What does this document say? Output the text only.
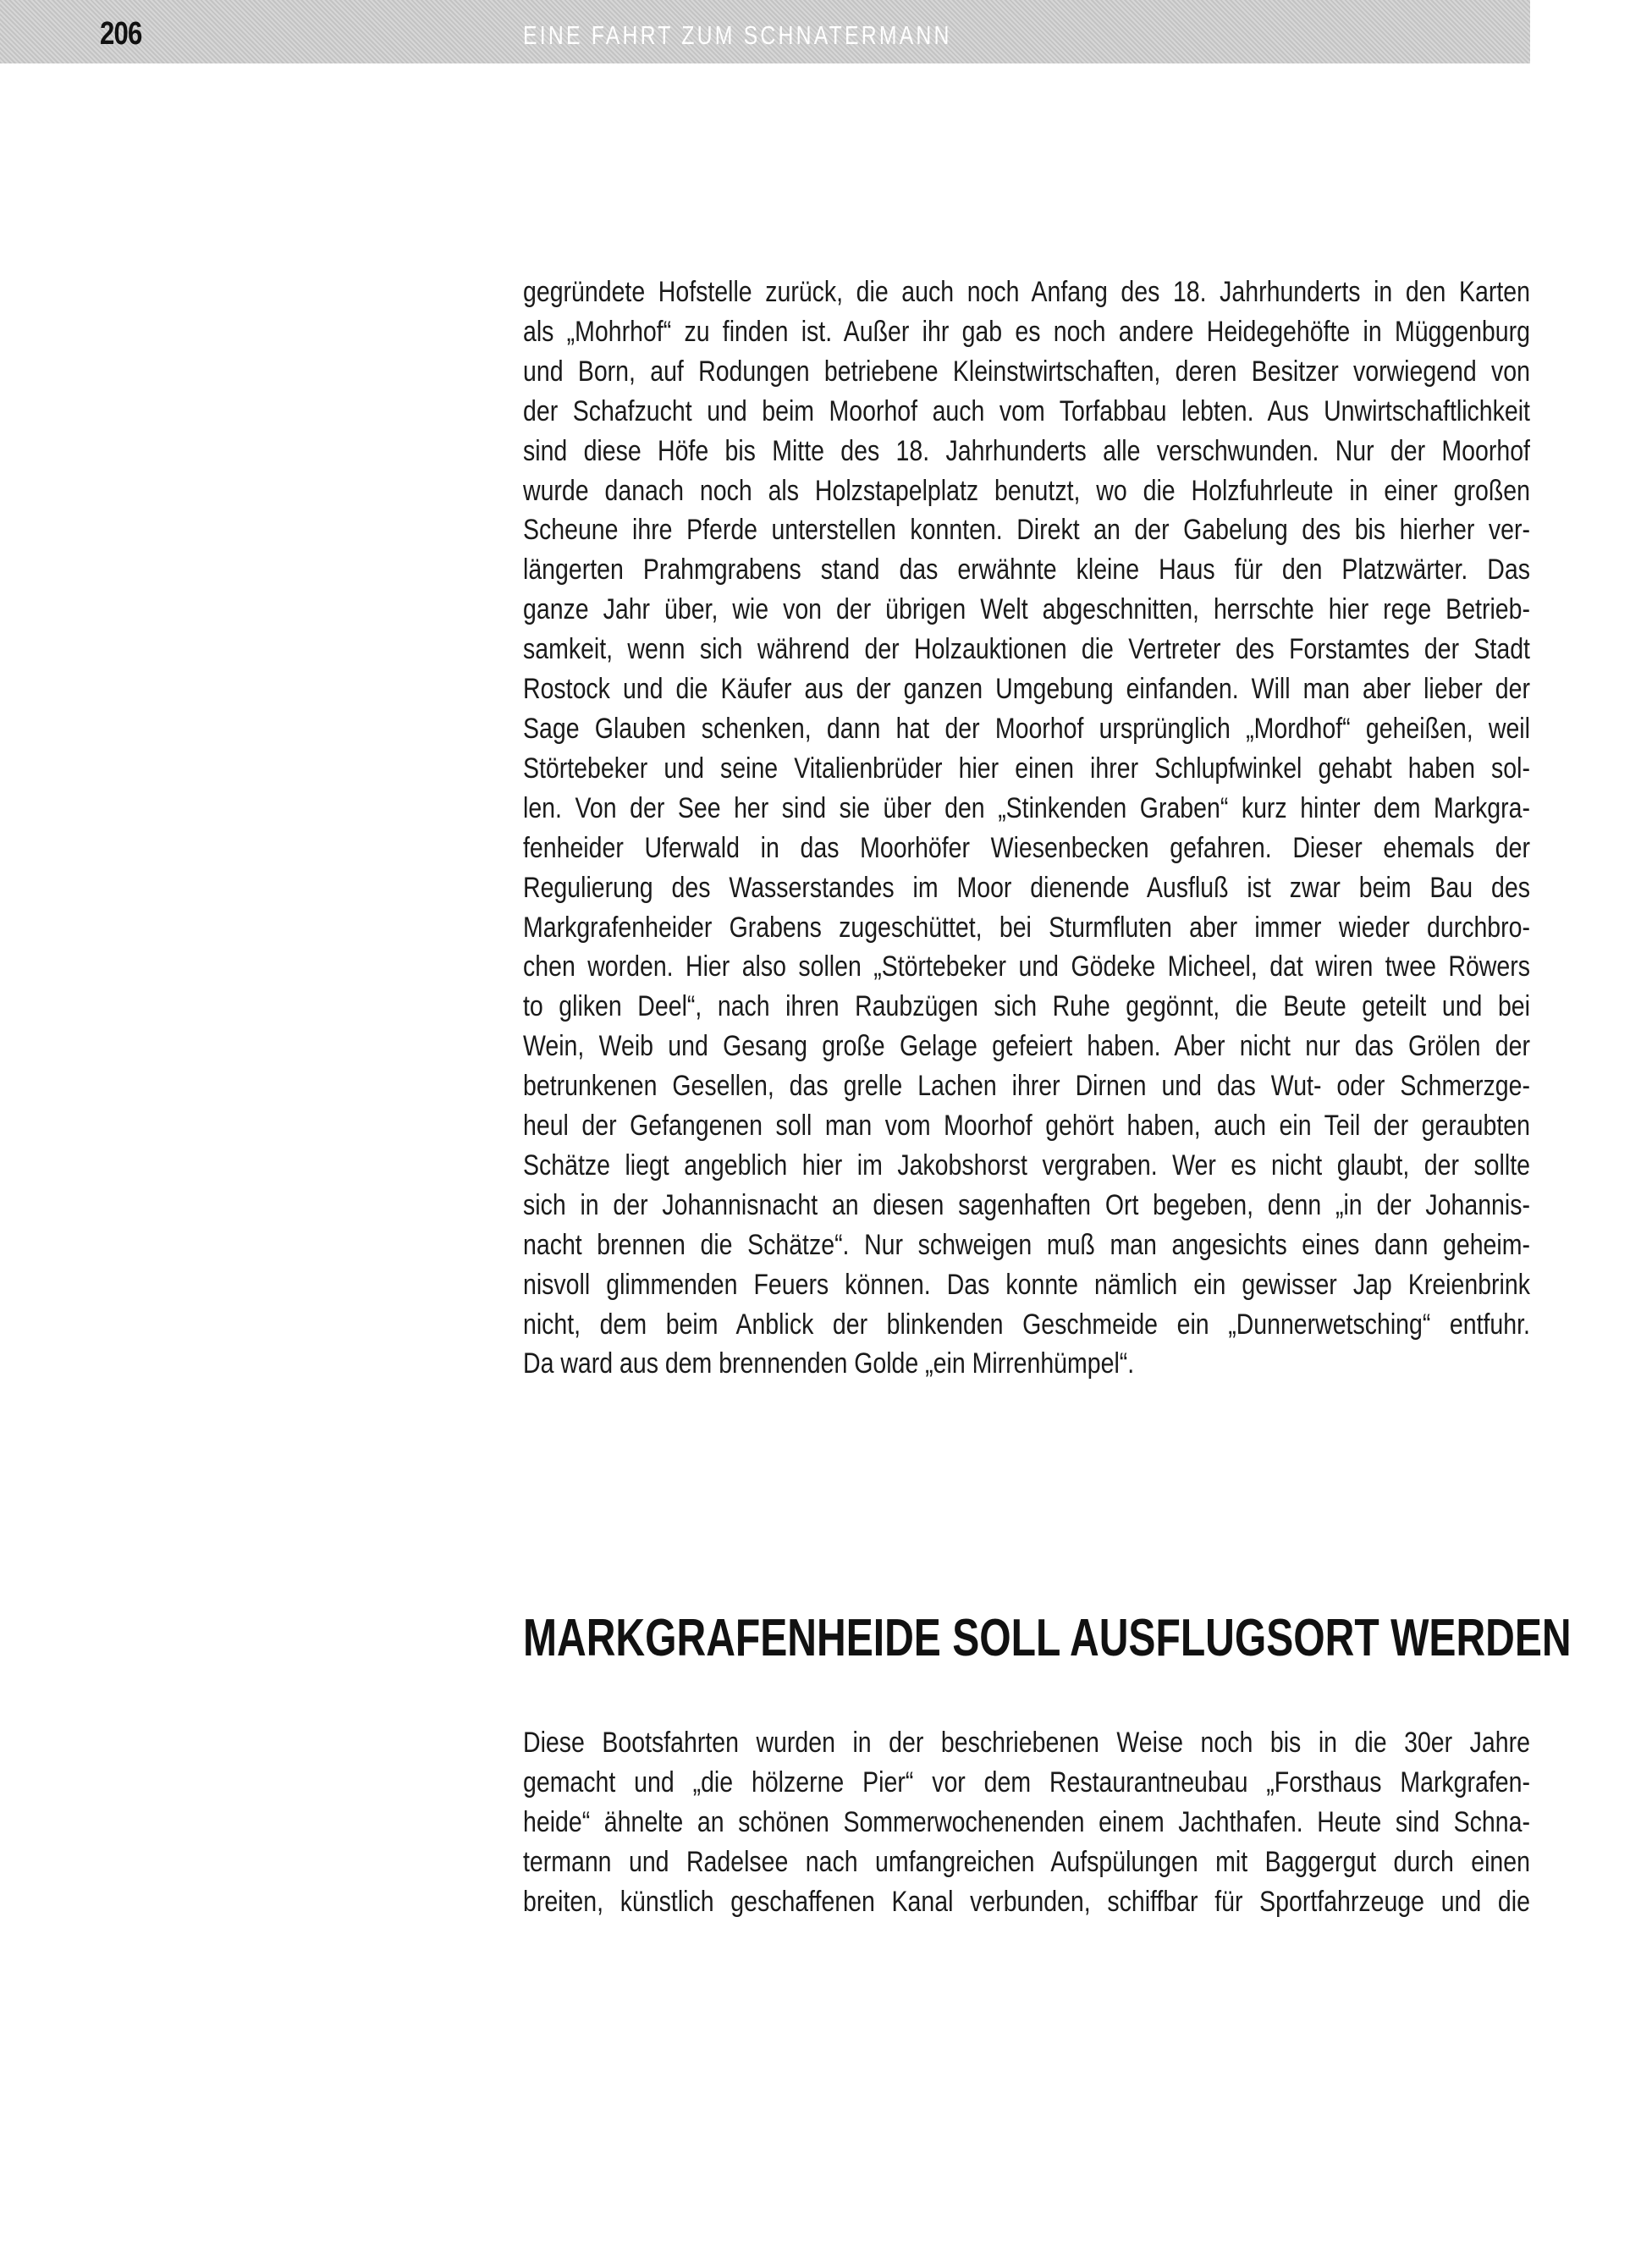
206	EINE FAHRT ZUM SCHNATERMANN
gegründete Hofstelle zurück, die auch noch Anfang des 18. Jahrhunderts in den Karten
als „Mohrhof“ zu finden ist. Außer ihr gab es noch andere Heidegehöfte in Müggenburg
und Born, auf Rodungen betriebene Kleinstwirtschaften, deren Besitzer vorwiegend von
der Schafzucht und beim Moorhof auch vom Torfabbau lebten. Aus Unwirtschaftlichkeit
sind diese Höfe bis Mitte des 18. Jahrhunderts alle verschwunden. Nur der Moorhof
wurde danach noch als Holzstapelplatz benutzt, wo die Holzfuhrleute in einer großen
Scheune ihre Pferde unterstellen konnten. Direkt an der Gabelung des bis hierher ver-
längerten Prahmgrabens stand das erwähnte kleine Haus für den Platzwärter. Das
ganze Jahr über, wie von der übrigen Welt abgeschnitten, herrschte hier rege Betrieb-
samkeit, wenn sich während der Holzauktionen die Vertreter des Forstamtes der Stadt
Rostock und die Käufer aus der ganzen Umgebung einfanden. Will man aber lieber der
Sage Glauben schenken, dann hat der Moorhof ursprünglich „Mordhof“ geheißen, weil
Störtebeker und seine Vitalienbrüder hier einen ihrer Schlupfwinkel gehabt haben sol-
len. Von der See her sind sie über den „Stinkenden Graben“ kurz hinter dem Markgra-
fenheider Uferwald in das Moorhöfer Wiesenbecken gefahren. Dieser ehemals der
Regulierung des Wasserstandes im Moor dienende Ausfluß ist zwar beim Bau des
Markgrafenheider Grabens zugeschüttet, bei Sturmfluten aber immer wieder durchbro-
chen worden. Hier also sollen „Störtebeker und Gödeke Micheel, dat wiren twee Röwers
to gliken Deel“, nach ihren Raubzügen sich Ruhe gegönnt, die Beute geteilt und bei
Wein, Weib und Gesang große Gelage gefeiert haben. Aber nicht nur das Grölen der
betrunkenen Gesellen, das grelle Lachen ihrer Dirnen und das Wut- oder Schmerzge-
heul der Gefangenen soll man vom Moorhof gehört haben, auch ein Teil der geraubten
Schätze liegt angeblich hier im Jakobshorst vergraben. Wer es nicht glaubt, der sollte
sich in der Johannisnacht an diesen sagenhaften Ort begeben, denn „in der Johannis-
nacht brennen die Schätze“. Nur schweigen muß man angesichts eines dann geheim-
nisvoll glimmenden Feuers können. Das konnte nämlich ein gewisser Jap Kreienbrink
nicht, dem beim Anblick der blinkenden Geschmeide ein „Dunnerwetsching“ entfuhr.
Da ward aus dem brennenden Golde „ein Mirrenhümpel“.
MARKGRAFENHEIDE SOLL AUSFLUGSORT WERDEN
Diese Bootsfahrten wurden in der beschriebenen Weise noch bis in die 30er Jahre
gemacht und „die hölzerne Pier“ vor dem Restaurantneubau „Forsthaus Markgrafen-
heide“ ähnelte an schönen Sommerwochenenden einem Jachthafen. Heute sind Schna-
termann und Radelsee nach umfangreichen Aufspülungen mit Baggergut durch einen
breiten, künstlich geschaffenen Kanal verbunden, schiffbar für Sportfahrzeuge und die
